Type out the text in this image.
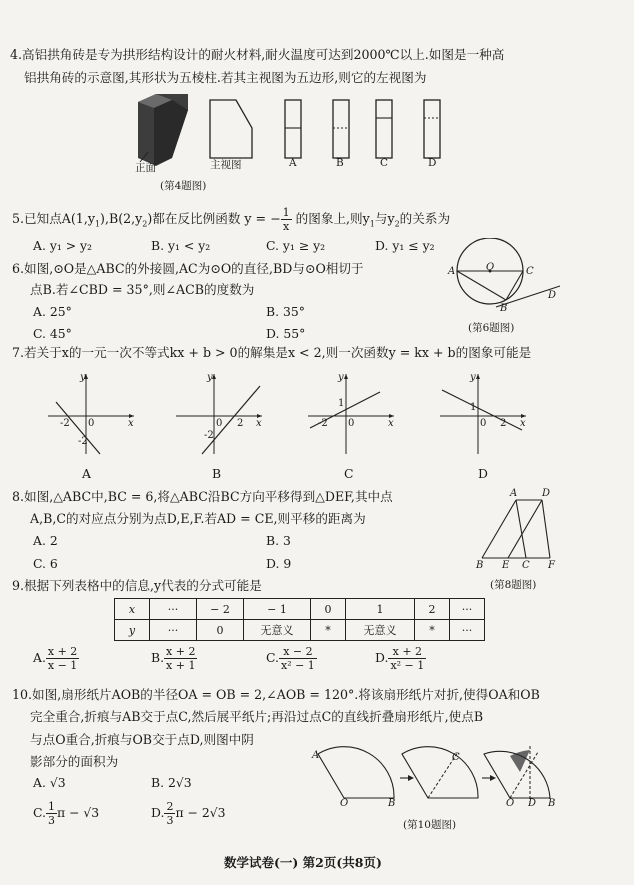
4.高铝拱角砖是专为拱形结构设计的耐火材料,耐火温度可达到2000℃以上.如图是一种高
铝拱角砖的示意图,其形状为五棱柱.若其主视图为五边形,则它的左视图为
正面	主视图	A	B	C	D
(第4题图)
5.已知点$A(1,y_1),B(2,y_2)$都在反比例函数 y = − $\frac{1}{x}$ 的图象上,则$y_1$与$y_2$的关系为
A. y₁ > y₂	B. y₁ < y₂	C. y₁ ≥ y₂	D. y₁ ≤ y₂
6.如图,⊙O是△ABC的外接圆,AC为⊙O的直径,BD与⊙O相切于
点B.若∠CBD = 35°,则∠ACB的度数为
A. 25°	B. 35°
C. 45°	D. 55°
A	O	C
B
D
(第6题图)
7.若关于x的一元一次不等式kx + b > 0的解集是x < 2,则一次函数y = kx + b的图象可能是
y
x
0
-2
-2
A
y
x
0 2
-2
B
y
x
0
-2
1
C
y
x
0 2
1
D
8.如图,△ABC中,BC = 6,将△ABC沿BC方向平移得到△DEF,其中点
A,B,C的对应点分别为点D,E,F.若AD = CE,则平移的距离为
A. 2	B. 3
C. 6	D. 9
A D
B E C F
(第8题图)
9.根据下列表格中的信息,y代表的分式可能是
x	···	− 2	− 1	0	1	2	···
y	···	0	无意义	*	无意义	*	···
A. $\frac{x + 2}{x - 1}$	B. $\frac{x + 2}{x + 1}$	C. $\frac{x - 2}{\text{x² − 1}}$	D. $\frac{x + 2}{\text{x² − 1}}$
10.如图,扇形纸片AOB的半径OA = OB = 2,∠AOB = 120°.将该扇形纸片对折,使得OA和OB
完全重合,折痕与AB交于点C,然后展平纸片;再沿过点C的直线折叠扇形纸片,使点B
与点O重合,折痕与OB交于点D,则图中阴
影部分的面积为
A. √3	B. 2√3
C. $\frac{1}{3}$ π − √3	D. $\frac{2}{3}$ π − 2√3
A
O	B
C
O D B
(第10题图)
数学试卷(一) 第2页(共8页)
